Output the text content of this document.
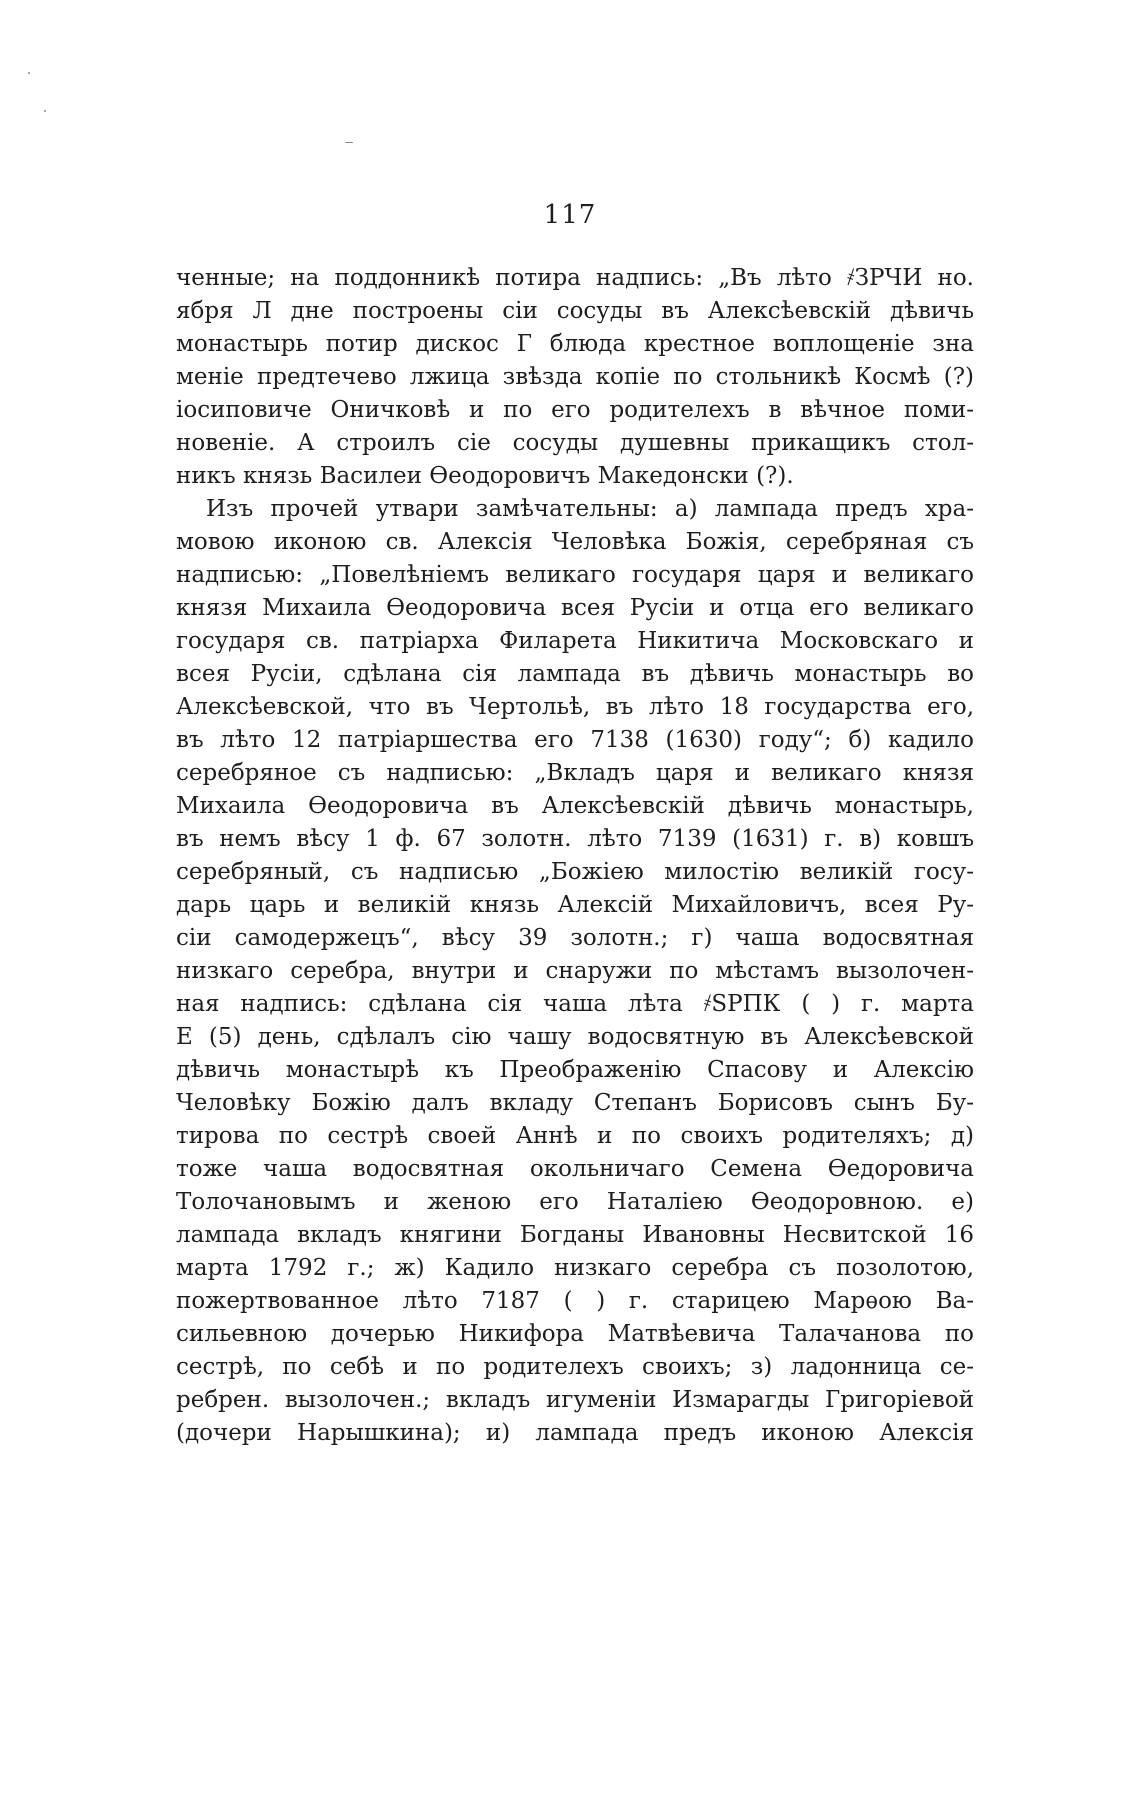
117
ченные; на поддонникѣ потира надпись: „Въ лѣто ҂ЗРЧИ но.
ября Л дне построены сіи сосуды въ Алексѣевскій дѣвичь
монастырь потир дискос Г блюда крестное воплощеніе зна
меніе предтечево лжица звѣзда копіе по стольникѣ Космѣ (?)
іосиповиче Оничковѣ и по его родителехъ в вѣчное поми-
новеніе. А строилъ сіе сосуды душевны прикащикъ стол-
никъ князь Василеи Ѳеодоровичъ Македонски (?).
Изъ прочей утвари замѣчательны: а) лампада предъ хра-
мовою иконою св. Алексія Человѣка Божія, серебряная съ
надписью: „Повелѣніемъ великаго государя царя и великаго
князя Михаила Ѳеодоровича всея Русіи и отца его великаго
государя св. патріарха Филарета Никитича Московскаго и
всея Русіи, сдѣлана сія лампада въ дѣвичь монастырь во
Алексѣевской, что въ Чертольѣ, въ лѣто 18 государства его,
въ лѣто 12 патріаршества его 7138 (1630) году“; б) кадило
серебряное съ надписью: „Вкладъ царя и великаго князя
Михаила Ѳеодоровича въ Алексѣевскій дѣвичь монастырь,
въ немъ вѣсу 1 ф. 67 золотн. лѣто 7139 (1631) г. в) ковшъ
серебряный, съ надписью „Божіею милостію великій госу-
дарь царь и великій князь Алексій Михайловичъ, всея Ру-
сіи самодержецъ“, вѣсу 39 золотн.; г) чаша водосвятная
низкаго серебра, внутри и снаружи по мѣстамъ вызолочен-
ная надпись: сдѣлана сія чаша лѣта ҂ЅРПК ( ) г. марта
Е (5) день, сдѣлалъ сію чашу водосвятную въ Алексѣевской
дѣвичь монастырѣ къ Преображенію Спасову и Алексію
Человѣку Божію далъ вкладу Степанъ Борисовъ сынъ Бу-
тирова по сестрѣ своей Аннѣ и по своихъ родителяхъ; д)
тоже чаша водосвятная окольничаго Семена Ѳедоровича
Толочановымъ и женою его Наталіею Ѳеодоровною. е)
лампада вкладъ княгини Богданы Ивановны Несвитской 16
марта 1792 г.; ж) Кадило низкаго серебра съ позолотою,
пожертвованное лѣто 7187 ( ) г. старицею Марѳою Ва-
сильевною дочерью Никифора Матвѣевича Талачанова по
сестрѣ, по себѣ и по родителехъ своихъ; з) ладонница се-
ребрен. вызолочен.; вкладъ игуменіи Измарагды Григоріевой
(дочери Нарышкина); и) лампада предъ иконою Алексія
